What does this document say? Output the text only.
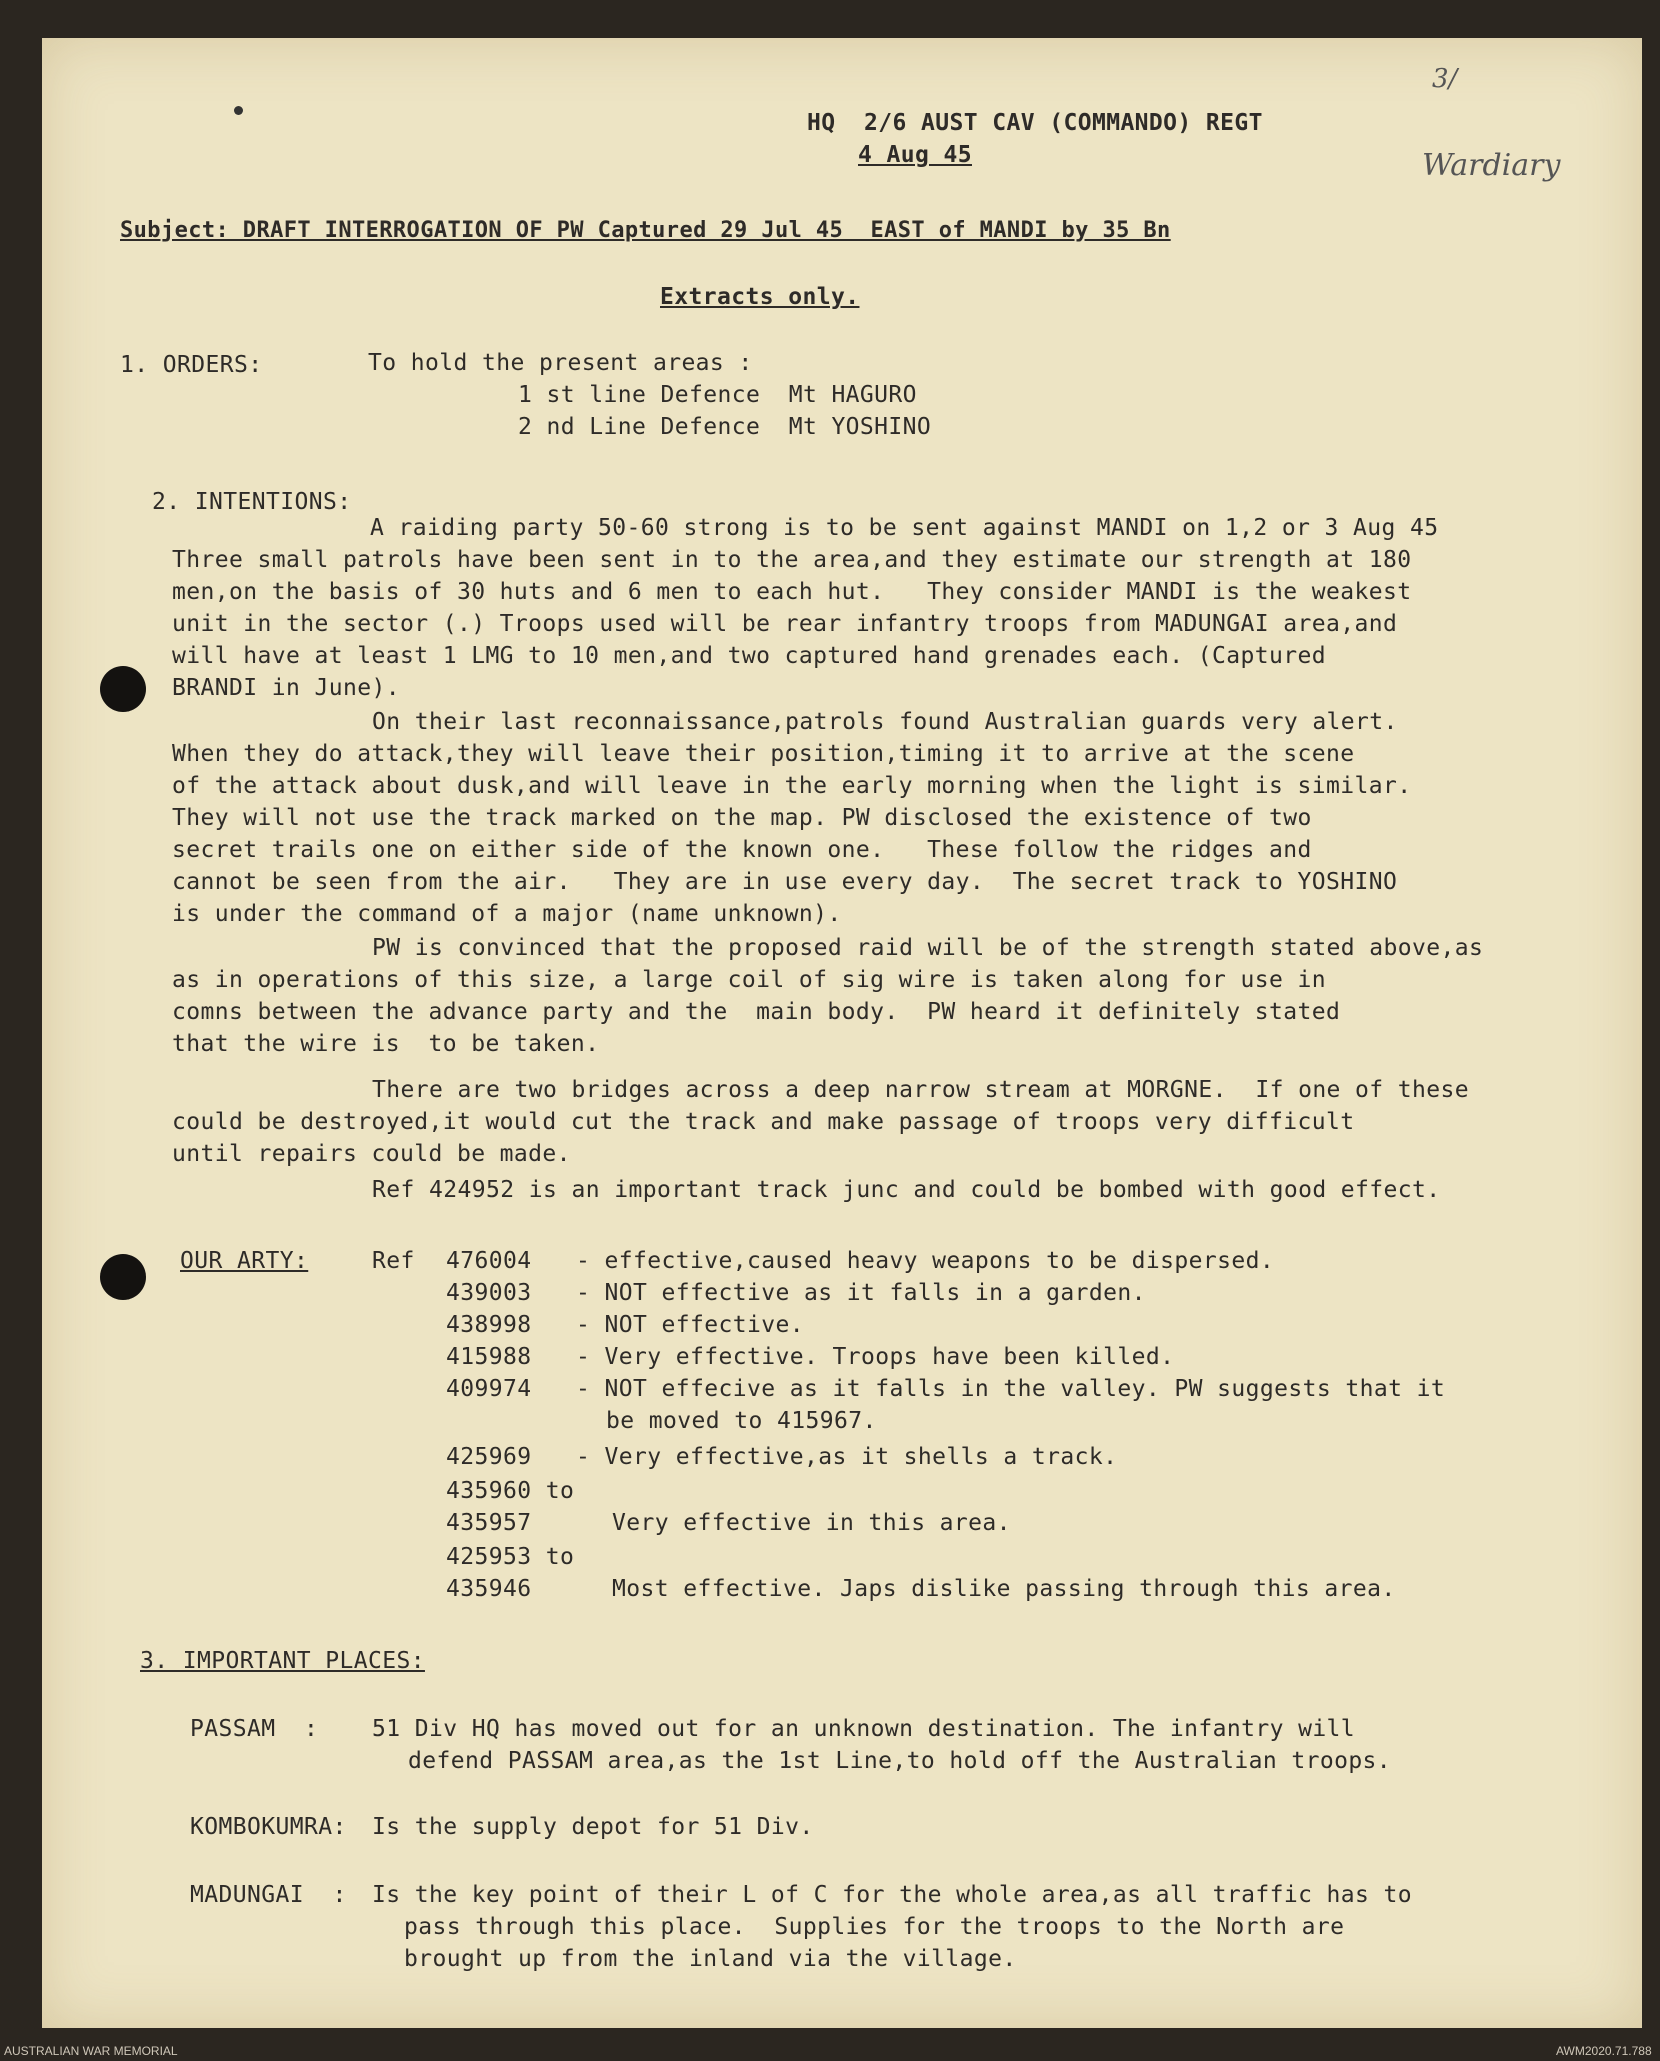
HQ  2/6 AUST CAV (COMMANDO) REGT
4 Aug 45
3/
Wardiary
Subject: DRAFT INTERROGATION OF PW Captured 29 Jul 45  EAST of MANDI by 35 Bn
Extracts only.
1. ORDERS:	To hold the present areas :
1 st line Defence  Mt HAGURO
2 nd Line Defence  Mt YOSHINO
2. INTENTIONS:
A raiding party 50-60 strong is to be sent against MANDI on 1,2 or 3 Aug 45
Three small patrols have been sent in to the area,and they estimate our strength at 180
men,on the basis of 30 huts and 6 men to each hut.   They consider MANDI is the weakest
unit in the sector (.) Troops used will be rear infantry troops from MADUNGAI area,and
will have at least 1 LMG to 10 men,and two captured hand grenades each. (Captured
BRANDI in June).
On their last reconnaissance,patrols found Australian guards very alert.
When they do attack,they will leave their position,timing it to arrive at the scene
of the attack about dusk,and will leave in the early morning when the light is similar.
They will not use the track marked on the map. PW disclosed the existence of two
secret trails one on either side of the known one.   These follow the ridges and
cannot be seen from the air.   They are in use every day.  The secret track to YOSHINO
is under the command of a major (name unknown).
PW is convinced that the proposed raid will be of the strength stated above,as
as in operations of this size, a large coil of sig wire is taken along for use in
comns between the advance party and the  main body.  PW heard it definitely stated
that the wire is  to be taken.
There are two bridges across a deep narrow stream at MORGNE.  If one of these
could be destroyed,it would cut the track and make passage of troops very difficult
until repairs could be made.
Ref 424952 is an important track junc and could be bombed with good effect.
OUR ARTY:	Ref 476004 - effective,caused heavy weapons to be dispersed.
439003 - NOT effective as it falls in a garden.
438998 - NOT effective.
415988 - Very effective. Troops have been killed.
409974 - NOT effecive as it falls in the valley. PW suggests that it
be moved to 415967.
425969 - Very effective,as it shells a track.
435960 to
435957	Very effective in this area.
425953 to
435946	Most effective. Japs dislike passing through this area.
3. IMPORTANT PLACES:
PASSAM  : 51 Div HQ has moved out for an unknown destination. The infantry will
defend PASSAM area,as the 1st Line,to hold off the Australian troops.
KOMBOKUMRA: Is the supply depot for 51 Div.
MADUNGAI  : Is the key point of their L of C for the whole area,as all traffic has to
pass through this place.  Supplies for the troops to the North are
brought up from the inland via the village.
AUSTRALIAN WAR MEMORIAL	AWM2020.71.788
